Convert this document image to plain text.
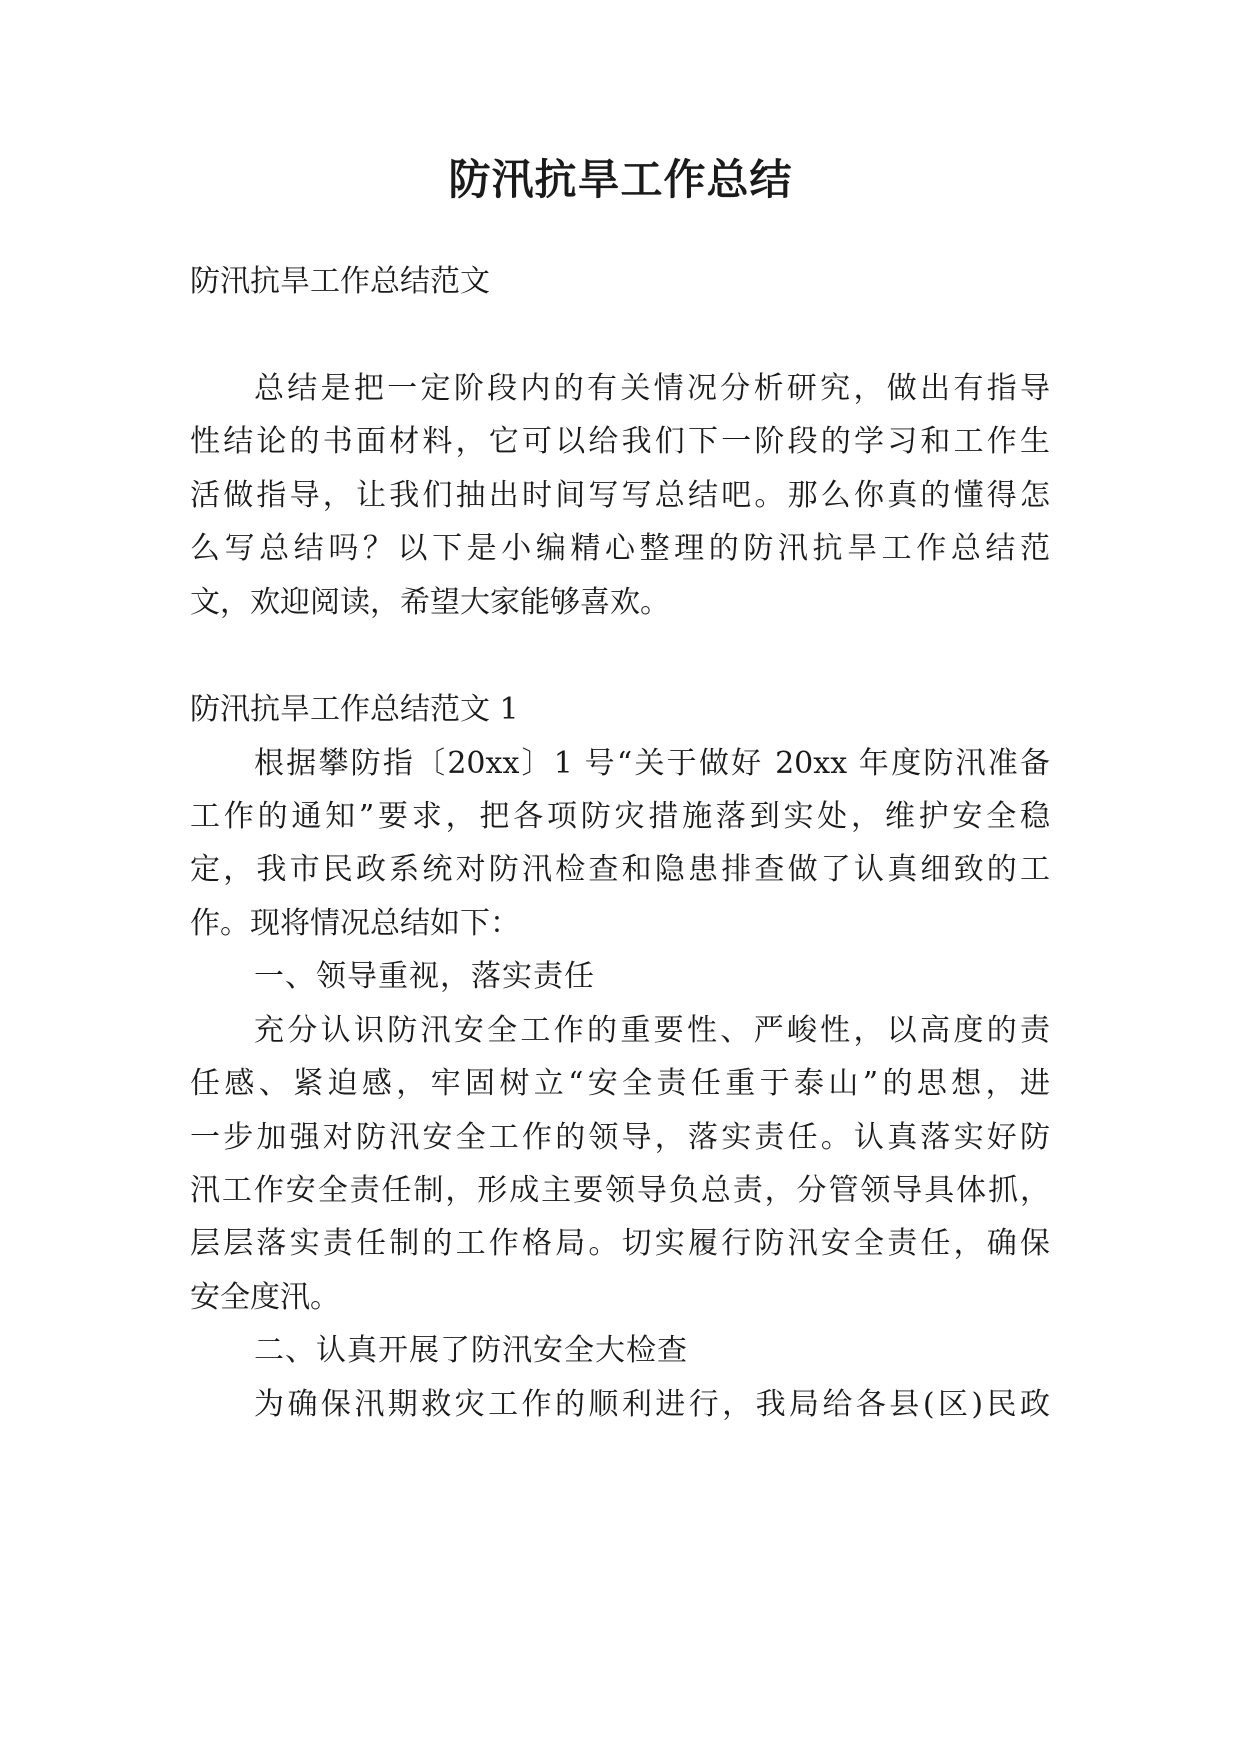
防汛抗旱工作总结
防汛抗旱工作总结范文
总结是把一定阶段内的有关情况分析研究，做出有指导
性结论的书面材料，它可以给我们下一阶段的学习和工作生
活做指导，让我们抽出时间写写总结吧。那么你真的懂得怎
么写总结吗？以下是小编精心整理的防汛抗旱工作总结范
文，欢迎阅读，希望大家能够喜欢。
防汛抗旱工作总结范文 1
根据攀防指〔20xx〕1 号“关于做好 20xx 年度防汛准备
工作的通知”要求，把各项防灾措施落到实处，维护安全稳
定，我市民政系统对防汛检查和隐患排查做了认真细致的工
作。现将情况总结如下：
一、领导重视，落实责任
充分认识防汛安全工作的重要性、严峻性，以高度的责
任感、紧迫感，牢固树立“安全责任重于泰山”的思想，进
一步加强对防汛安全工作的领导，落实责任。认真落实好防
汛工作安全责任制，形成主要领导负总责，分管领导具体抓，
层层落实责任制的工作格局。切实履行防汛安全责任，确保
安全度汛。
二、认真开展了防汛安全大检查
为确保汛期救灾工作的顺利进行，我局给各县(区)民政
